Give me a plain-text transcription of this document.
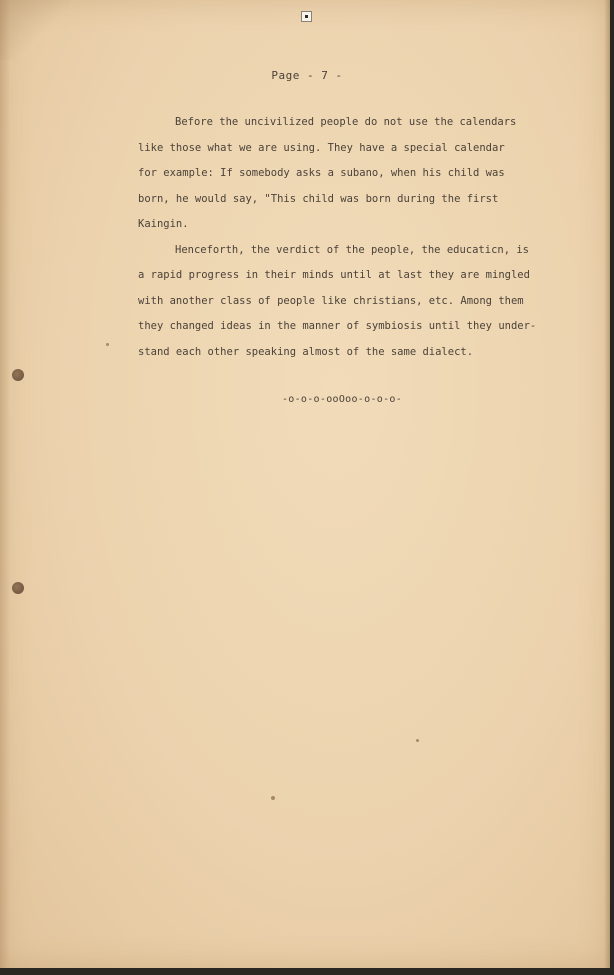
Page - 7 -
Before the uncivilized people do not use the calendars
like those what we are using. They have a special calendar
for example: If somebody asks a subano, when his child was
born, he would say, "This child was born during the first
Kaingin.
Henceforth, the verdict of the people, the educaticn, is
a rapid progress in their minds until at last they are mingled
with another class of people like christians, etc. Among them
they changed ideas in the manner of symbiosis until they under-
stand each other speaking almost of the same dialect.
-o-o-o-ooOoo-o-o-o-
